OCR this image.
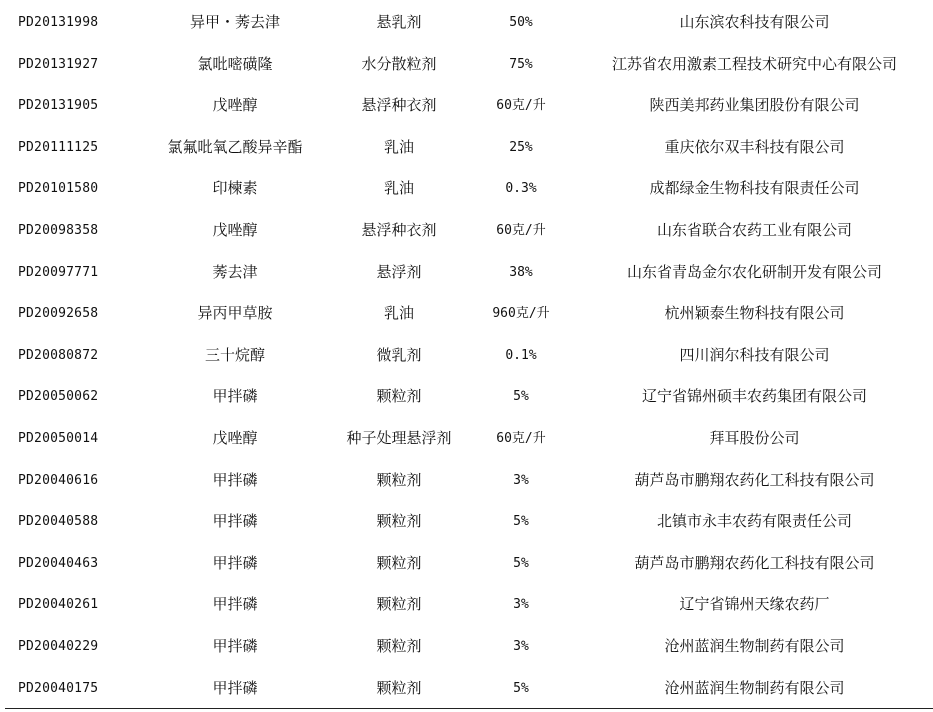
PD20131998	异甲・莠去津	悬乳剂	50%	山东滨农科技有限公司
PD20131927	氯吡嘧磺隆	水分散粒剂	75%	江苏省农用激素工程技术研究中心有限公司
PD20131905	戊唑醇	悬浮种衣剂	60克/升	陕西美邦药业集团股份有限公司
PD20111125	氯氟吡氧乙酸异辛酯	乳油	25%	重庆依尔双丰科技有限公司
PD20101580	印楝素	乳油	0.3%	成都绿金生物科技有限责任公司
PD20098358	戊唑醇	悬浮种衣剂	60克/升	山东省联合农药工业有限公司
PD20097771	莠去津	悬浮剂	38%	山东省青岛金尔农化研制开发有限公司
PD20092658	异丙甲草胺	乳油	960克/升	杭州颖泰生物科技有限公司
PD20080872	三十烷醇	微乳剂	0.1%	四川润尔科技有限公司
PD20050062	甲拌磷	颗粒剂	5%	辽宁省锦州硕丰农药集团有限公司
PD20050014	戊唑醇	种子处理悬浮剂	60克/升	拜耳股份公司
PD20040616	甲拌磷	颗粒剂	3%	葫芦岛市鹏翔农药化工科技有限公司
PD20040588	甲拌磷	颗粒剂	5%	北镇市永丰农药有限责任公司
PD20040463	甲拌磷	颗粒剂	5%	葫芦岛市鹏翔农药化工科技有限公司
PD20040261	甲拌磷	颗粒剂	3%	辽宁省锦州天缘农药厂
PD20040229	甲拌磷	颗粒剂	3%	沧州蓝润生物制药有限公司
PD20040175	甲拌磷	颗粒剂	5%	沧州蓝润生物制药有限公司
